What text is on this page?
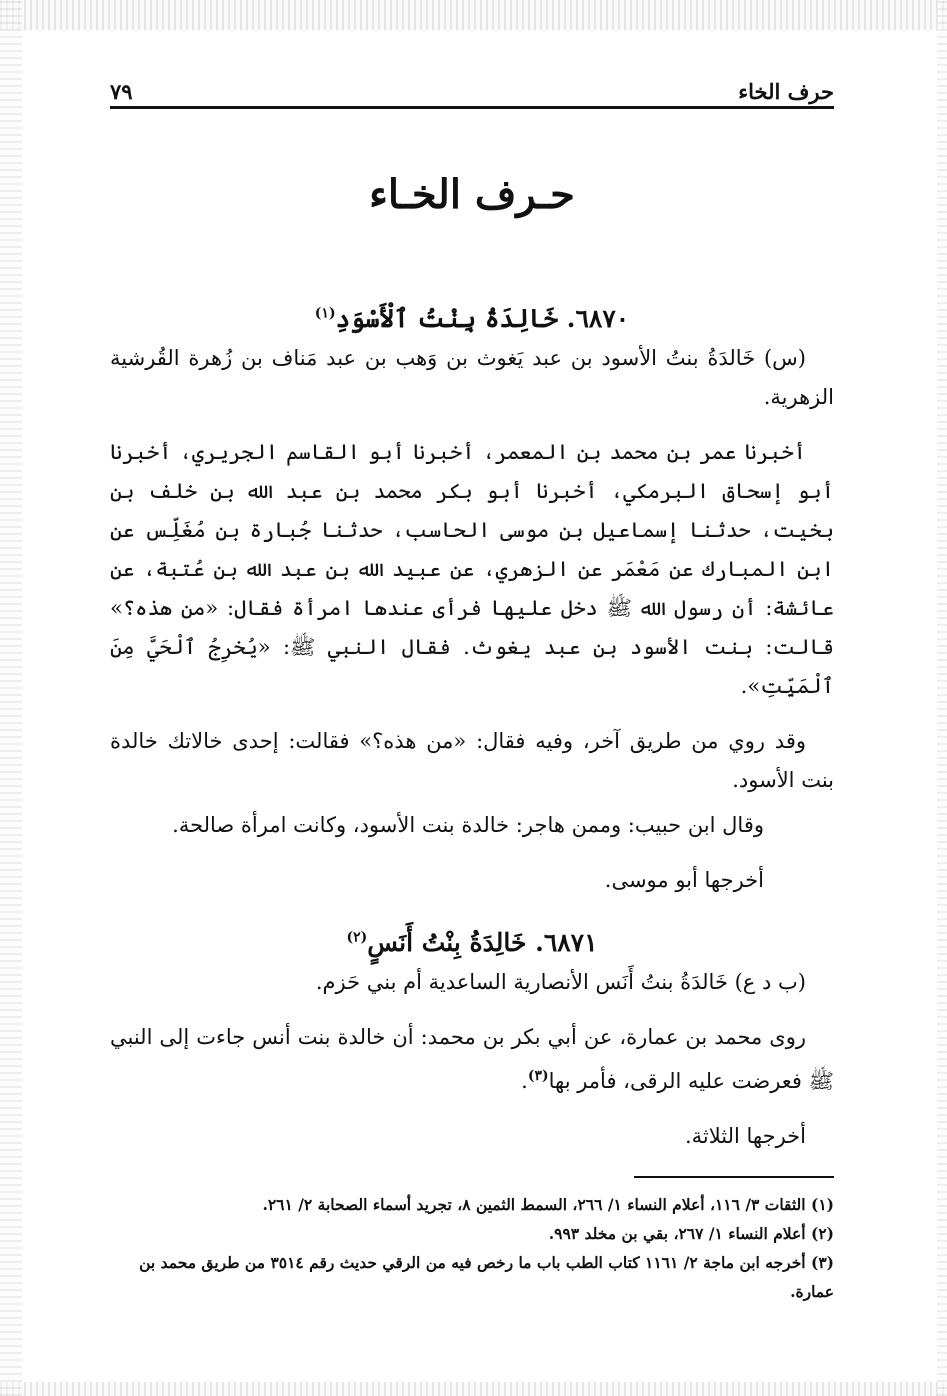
حرف الخاء
٧٩
حـرف الخـاء
٦٨٧٠. خَالِدَةُ بِنْتُ ٱلْأَسْوَدِ$^{(١)}$

(س) خَالدَةُ بنتُ الأسود بن عبد يَغوث بن وَهب بن عبد مَناف بن زُهرة القُرشية الزهرية.

أخبرنا عمر بن محمد بن المعمر، أخبرنا أبو القاسم الجريري، أخبرنا أبو إسحاق البرمكي، أخبرنا أبو بكر محمد بن عبد الله بن خلف بن بخيت، حدثنا إسماعيل بن موسى الحاسب، حدثنا جُبارة بن مُغَلِّس عن ابن المبارك عن مَعْمَر عن الزهري، عن عبيد الله بن عبد الله بن عُتبة، عن عائشة: أن رسول الله ﷺ دخل عليها فرأى عندها امرأة فقال: «من هذه؟» قالت: بنت الأسود بن عبد يغوث. فقال النبي ﷺ: «يُخرِجُ ٱلْحَيَّ مِنَ ٱلْمَيِّتِ».

وقد روي من طريق آخر، وفيه فقال: «من هذه؟» فقالت: إحدى خالاتك خالدة بنت الأسود.

وقال ابن حبيب: وممن هاجر: خالدة بنت الأسود، وكانت امرأة صالحة.

أخرجها أبو موسى.

٦٨٧١. خَالِدَةُ بِنْتُ أَنَسٍ$^{(٢)}$

(ب د ع) خَالدَةُ بنتُ أَنَس الأنصارية الساعدية أم بني حَزم.

روى محمد بن عمارة، عن أبي بكر بن محمد: أن خالدة بنت أنس جاءت إلى النبي ﷺ فعرضت عليه الرقى، فأمر بها$^{(٣)}$.

أخرجها الثلاثة.

(١) الثقات ٣/ ١١٦، أعلام النساء ١/ ٢٦٦، السمط الثمين ٨، تجريد أسماء الصحابة ٢/ ٢٦١.
(٢) أعلام النساء ١/ ٢٦٧، بقي بن مخلد ٩٩٣.
(٣) أخرجه ابن ماجة ٢/ ١١٦١ كتاب الطب باب ما رخص فيه من الرقي حديث رقم ٣٥١٤ من طريق محمد بن عمارة.
